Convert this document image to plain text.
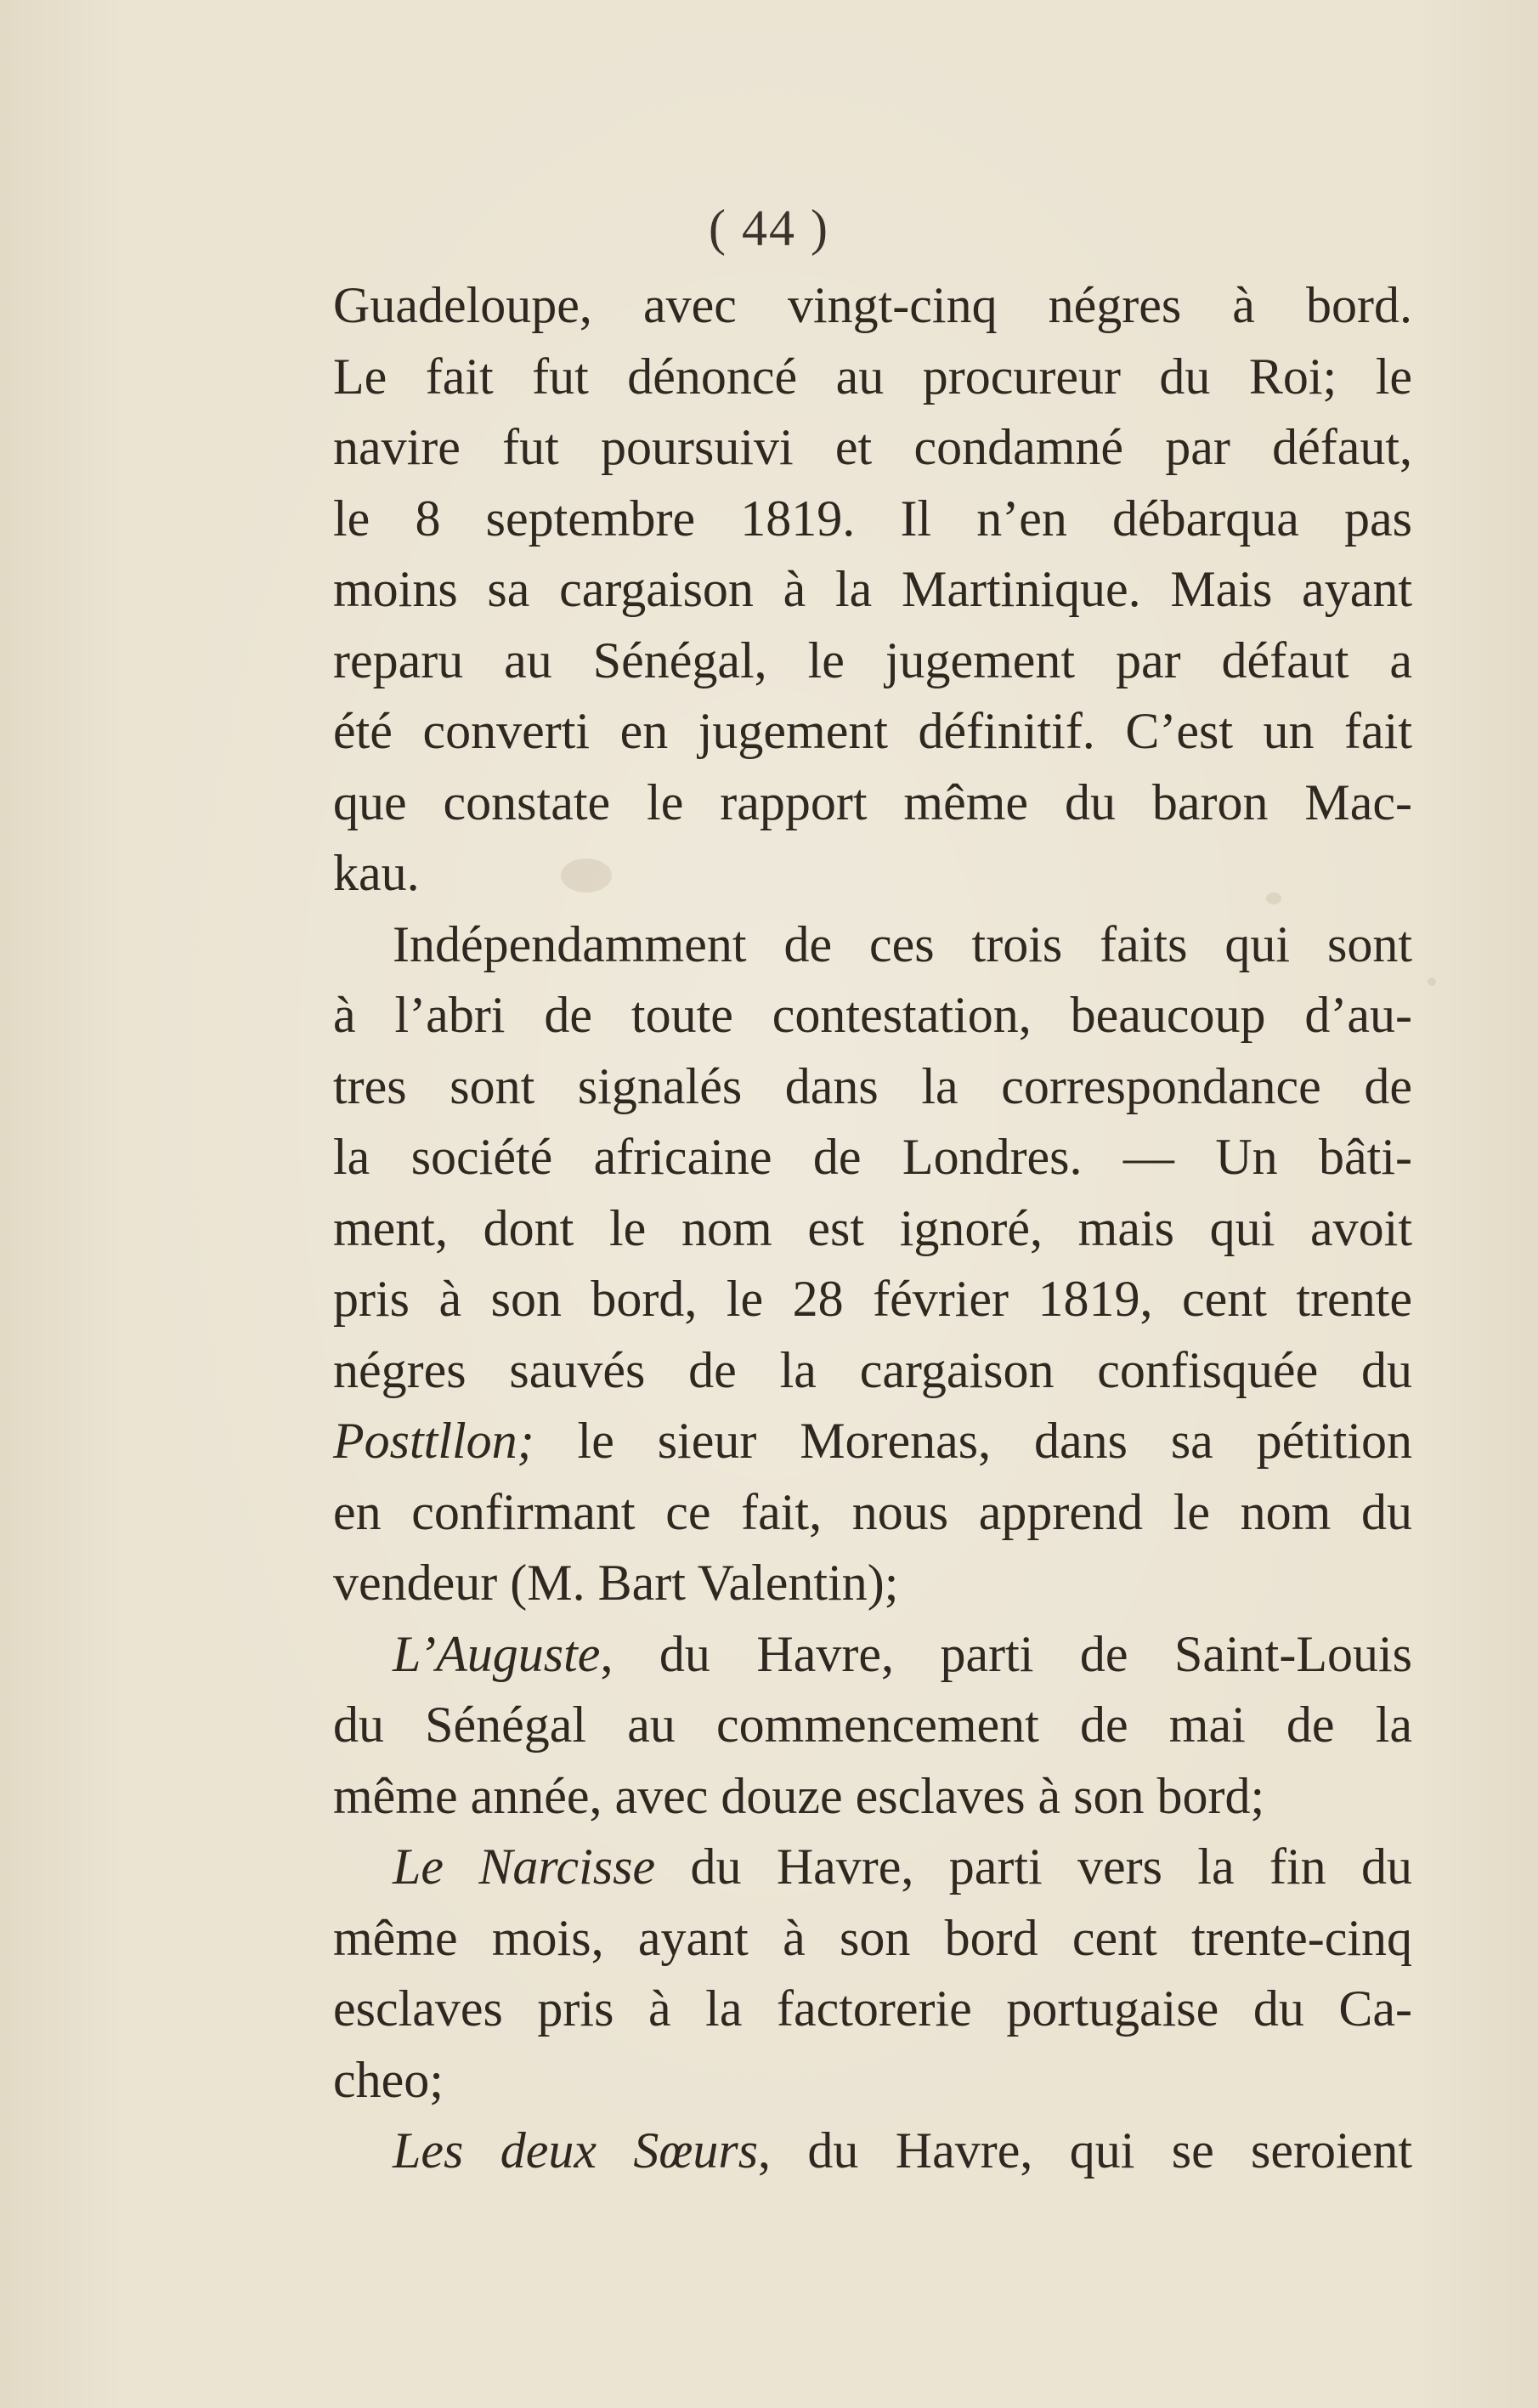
( 44 )
Guadeloupe, avec vingt-cinq négres à bord.
Le fait fut dénoncé au procureur du Roi; le
navire fut poursuivi et condamné par défaut,
le 8 septembre 1819. Il n’en débarqua pas
moins sa cargaison à la Martinique. Mais ayant
reparu au Sénégal, le jugement par défaut a
été converti en jugement définitif. C’est un fait
que constate le rapport même du baron Mac-
kau.
Indépendamment de ces trois faits qui sont
à l’abri de toute contestation, beaucoup d’au-
tres sont signalés dans la correspondance de
la société africaine de Londres. — Un bâti-
ment, dont le nom est ignoré, mais qui avoit
pris à son bord, le 28 février 1819, cent trente
négres sauvés de la cargaison confisquée du
Posttllon; le sieur Morenas, dans sa pétition
en confirmant ce fait, nous apprend le nom du
vendeur (M. Bart Valentin);
L’Auguste, du Havre, parti de Saint-Louis
du Sénégal au commencement de mai de la
même année, avec douze esclaves à son bord;
Le Narcisse du Havre, parti vers la fin du
même mois, ayant à son bord cent trente-cinq
esclaves pris à la factorerie portugaise du Ca-
cheo;
Les deux Sœurs, du Havre, qui se seroient
